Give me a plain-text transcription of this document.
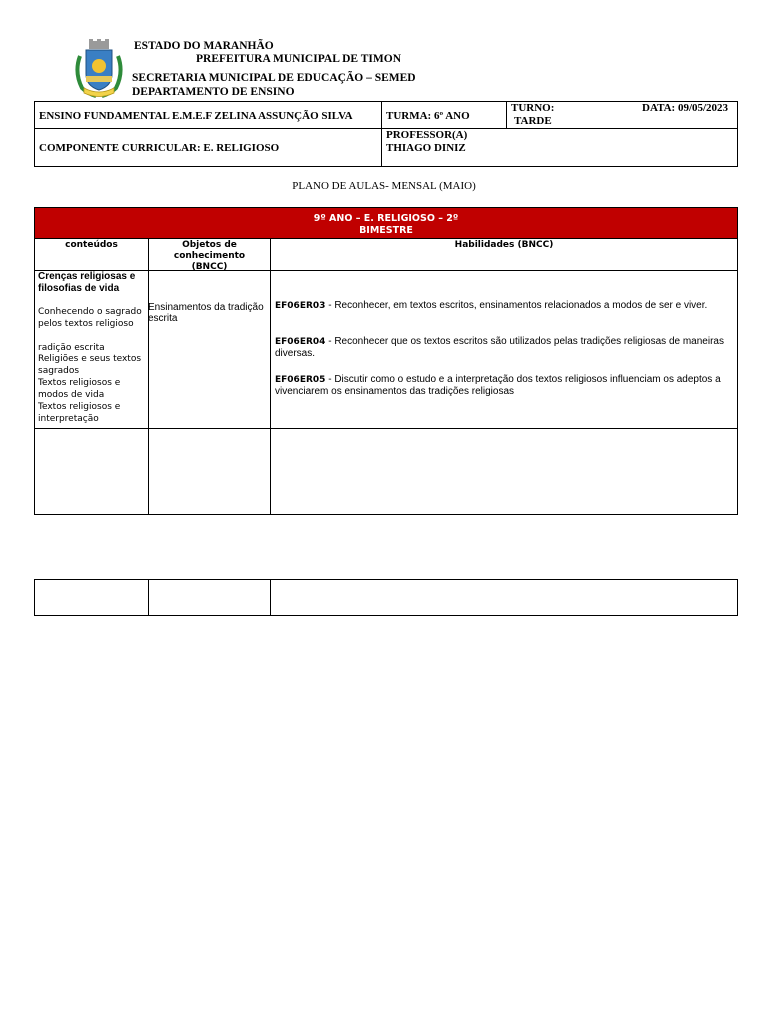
ESTADO DO MARANHÃO
PREFEITURA MUNICIPAL DE TIMON
SECRETARIA MUNICIPAL DE EDUCAÇÃO – SEMED
DEPARTAMENTO DE ENSINO
ENSINO FUNDAMENTAL E.M.E.F ZELINA ASSUNÇÃO SILVA	TURMA: 6º ANO
TURNO:
TARDE
DATA: 09/05/2023
COMPONENTE CURRICULAR: E. RELIGIOSO
PROFESSOR(A)
THIAGO DINIZ
PLANO DE AULAS- MENSAL (MAIO)
9º ANO – E. RELIGIOSO – 2º
BIMESTRE
conteúdos	Objetos de conhecimento (BNCC)
Habilidades (BNCC)
Crenças religiosas e filosofias de vida
Conhecendo o sagrado pelos textos religioso
radição escrita
Religiões e seus textos sagrados
Textos religiosos e modos de vida
Textos religiosos e interpretação
Ensinamentos da tradição escrita
EF06ER03 - Reconhecer, em textos escritos, ensinamentos relacionados a modos de ser e viver.
EF06ER04 - Reconhecer que os textos escritos são utilizados pelas tradições religiosas de maneiras diversas.
EF06ER05 - Discutir como o estudo e a interpretação dos textos religiosos influenciam os adeptos a vivenciarem os ensinamentos das tradições religiosas
